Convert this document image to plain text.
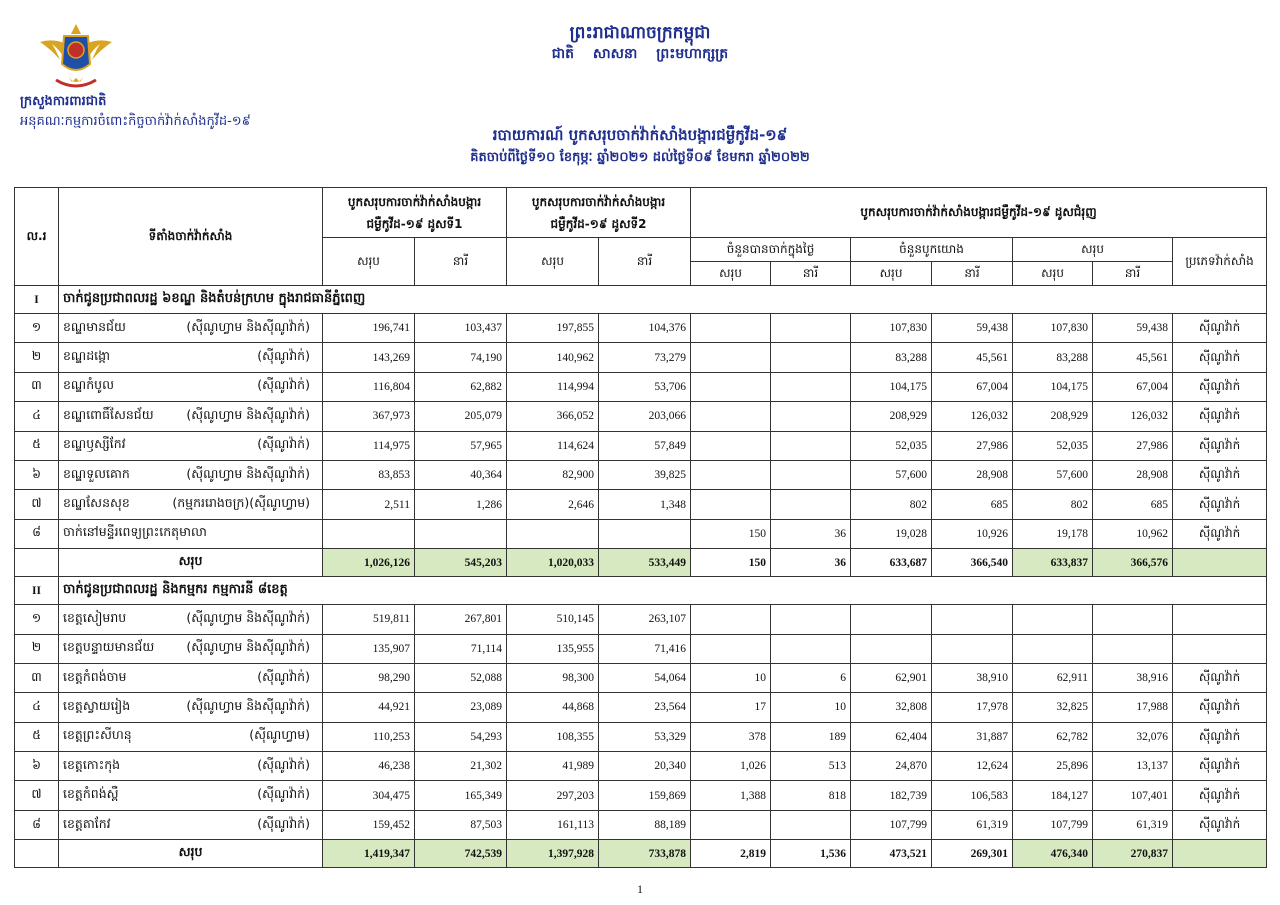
ក្រសួងការពារជាតិ
អនុគណៈកម្មការចំពោះកិច្ចចាក់វ៉ាក់សាំងកូវីដ-១៩
ព្រះរាជាណាចក្រកម្ពុជា
ជាតិ សាសនា ព្រះមហាក្សត្រ
របាយការណ៍ បូកសរុបចាក់វ៉ាក់សាំងបង្ការជម្ងឺកូវីដ-១៩
គិតចាប់ពីថ្ងៃទី១០ ខែកុម្ភៈ ឆ្នាំ២០២១ ដល់ថ្ងៃទី០៩ ខែមករា ឆ្នាំ២០២២
ល.រ	ទីតាំងចាក់វ៉ាក់សាំង	បូកសរុបការចាក់វ៉ាក់សាំងបង្ការជម្ងឺកូវីដ-១៩ ដូសទី1		បូកសរុបការចាក់វ៉ាក់សាំងបង្ការជម្ងឺកូវីដ-១៩ ដូសទី2		បូកសរុបការចាក់វ៉ាក់សាំងបង្ការជម្ងឺកូវីដ-១៩ ដូសជំរុញ						
		សរុប	នារី	សរុប	នារី	ចំនួនបានចាក់ក្នុងថ្ងៃ		ចំនួនបូកយោង		សរុប		ប្រភេទវ៉ាក់សាំង
						សរុប	នារី	សរុប	នារី	សរុប	នារី	
I	ចាក់ជូនប្រជាពលរដ្ឋ ៦ខណ្ឌ និងតំបន់ក្រហម ក្នុងរាជធានីភ្នំពេញ											
១	ខណ្ឌមានជ័យ (ស៊ីណូហ្វាម និងស៊ីណូវ៉ាក់)	196,741	103,437	197,855	104,376			107,830	59,438	107,830	59,438	ស៊ីណូវ៉ាក់
២	ខណ្ឌដង្កោ (ស៊ីណូវ៉ាក់)	143,269	74,190	140,962	73,279			83,288	45,561	83,288	45,561	ស៊ីណូវ៉ាក់
៣	ខណ្ឌកំបូល (ស៊ីណូវ៉ាក់)	116,804	62,882	114,994	53,706			104,175	67,004	104,175	67,004	ស៊ីណូវ៉ាក់
៤	ខណ្ឌពោធិ៍សែនជ័យ (ស៊ីណូហ្វាម និងស៊ីណូវ៉ាក់)	367,973	205,079	366,052	203,066			208,929	126,032	208,929	126,032	ស៊ីណូវ៉ាក់
៥	ខណ្ឌឫស្សីកែវ (ស៊ីណូវ៉ាក់)	114,975	57,965	114,624	57,849			52,035	27,986	52,035	27,986	ស៊ីណូវ៉ាក់
៦	ខណ្ឌទួលគោក (ស៊ីណូហ្វាម និងស៊ីណូវ៉ាក់)	83,853	40,364	82,900	39,825			57,600	28,908	57,600	28,908	ស៊ីណូវ៉ាក់
៧	ខណ្ឌសែនសុខ (កម្មកររោងចក្រ)(ស៊ីណូហ្វាម)	2,511	1,286	2,646	1,348			802	685	802	685	ស៊ីណូវ៉ាក់
៨	ចាក់នៅមន្ទីរពេទ្យព្រះកេតុមាលា					150	36	19,028	10,926	19,178	10,962	ស៊ីណូវ៉ាក់
	សរុប	1,026,126	545,203	1,020,033	533,449	150	36	633,687	366,540	633,837	366,576	
II	ចាក់ជូនប្រជាពលរដ្ឋ និងកម្មករ កម្មការនី ៨ខេត្ត											
១	ខេត្តសៀមរាប (ស៊ីណូហ្វាម និងស៊ីណូវ៉ាក់)	519,811	267,801	510,145	263,107							
២	ខេត្តបន្ទាយមានជ័យ (ស៊ីណូហ្វាម និងស៊ីណូវ៉ាក់)	135,907	71,114	135,955	71,416							
៣	ខេត្តកំពង់ចាម (ស៊ីណូវ៉ាក់)	98,290	52,088	98,300	54,064	10	6	62,901	38,910	62,911	38,916	ស៊ីណូវ៉ាក់
៤	ខេត្តស្វាយរៀង (ស៊ីណូហ្វាម និងស៊ីណូវ៉ាក់)	44,921	23,089	44,868	23,564	17	10	32,808	17,978	32,825	17,988	ស៊ីណូវ៉ាក់
៥	ខេត្តព្រះសីហនុ (ស៊ីណូហ្វាម)	110,253	54,293	108,355	53,329	378	189	62,404	31,887	62,782	32,076	ស៊ីណូវ៉ាក់
៦	ខេត្តកោះកុង (ស៊ីណូវ៉ាក់)	46,238	21,302	41,989	20,340	1,026	513	24,870	12,624	25,896	13,137	ស៊ីណូវ៉ាក់
៧	ខេត្តកំពង់ស្ពឺ (ស៊ីណូវ៉ាក់)	304,475	165,349	297,203	159,869	1,388	818	182,739	106,583	184,127	107,401	ស៊ីណូវ៉ាក់
៨	ខេត្តតាកែវ (ស៊ីណូវ៉ាក់)	159,452	87,503	161,113	88,189			107,799	61,319	107,799	61,319	ស៊ីណូវ៉ាក់
	សរុប	1,419,347	742,539	1,397,928	733,878	2,819	1,536	473,521	269,301	476,340	270,837	
1
